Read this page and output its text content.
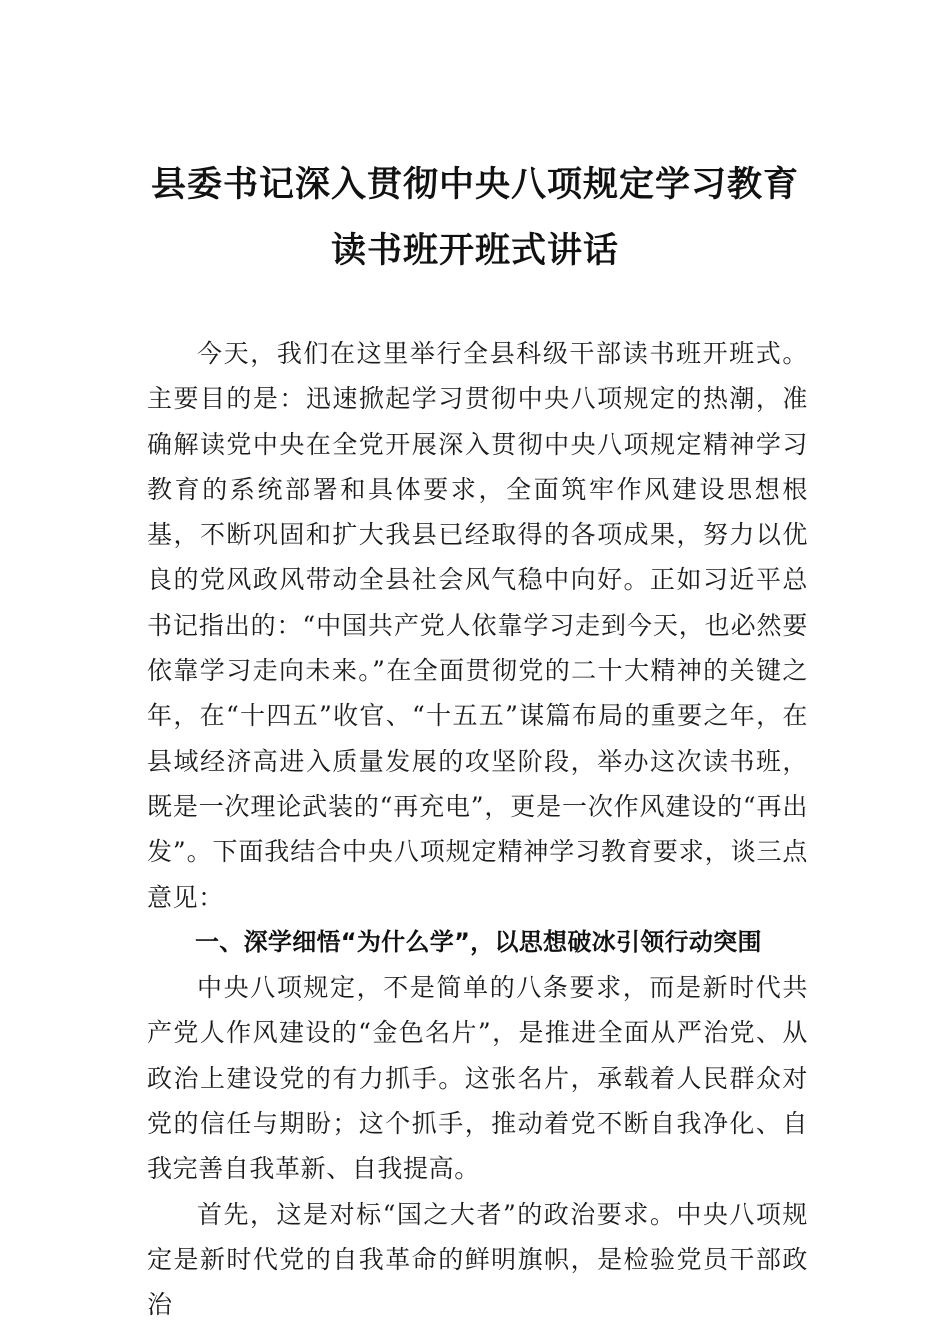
县委书记深入贯彻中央八项规定学习教育
读书班开班式讲话

今天，我们在这里举行全县科级干部读书班开班式。主要目的是：迅速掀起学习贯彻中央八项规定的热潮，准确解读党中央在全党开展深入贯彻中央八项规定精神学习教育的系统部署和具体要求，全面筑牢作风建设思想根基，不断巩固和扩大我县已经取得的各项成果，努力以优良的党风政风带动全县社会风气稳中向好。正如习近平总书记指出的：“中国共产党人依靠学习走到今天，也必然要依靠学习走向未来。”在全面贯彻党的二十大精神的关键之年，在“十四五”收官、“十五五”谋篇布局的重要之年，在县域经济高进入质量发展的攻坚阶段，举办这次读书班，既是一次理论武装的“再充电”，更是一次作风建设的“再出发”。下面我结合中央八项规定精神学习教育要求，谈三点意见：

一、深学细悟“为什么学”，以思想破冰引领行动突围

中央八项规定，不是简单的八条要求，而是新时代共产党人作风建设的“金色名片”，是推进全面从严治党、从政治上建设党的有力抓手。这张名片，承载着人民群众对党的信任与期盼；这个抓手，推动着党不断自我净化、自我完善自我革新、自我提高。

首先，这是对标“国之大者”的政治要求。中央八项规定是新时代党的自我革命的鲜明旗帜，是检验党员干部政治
